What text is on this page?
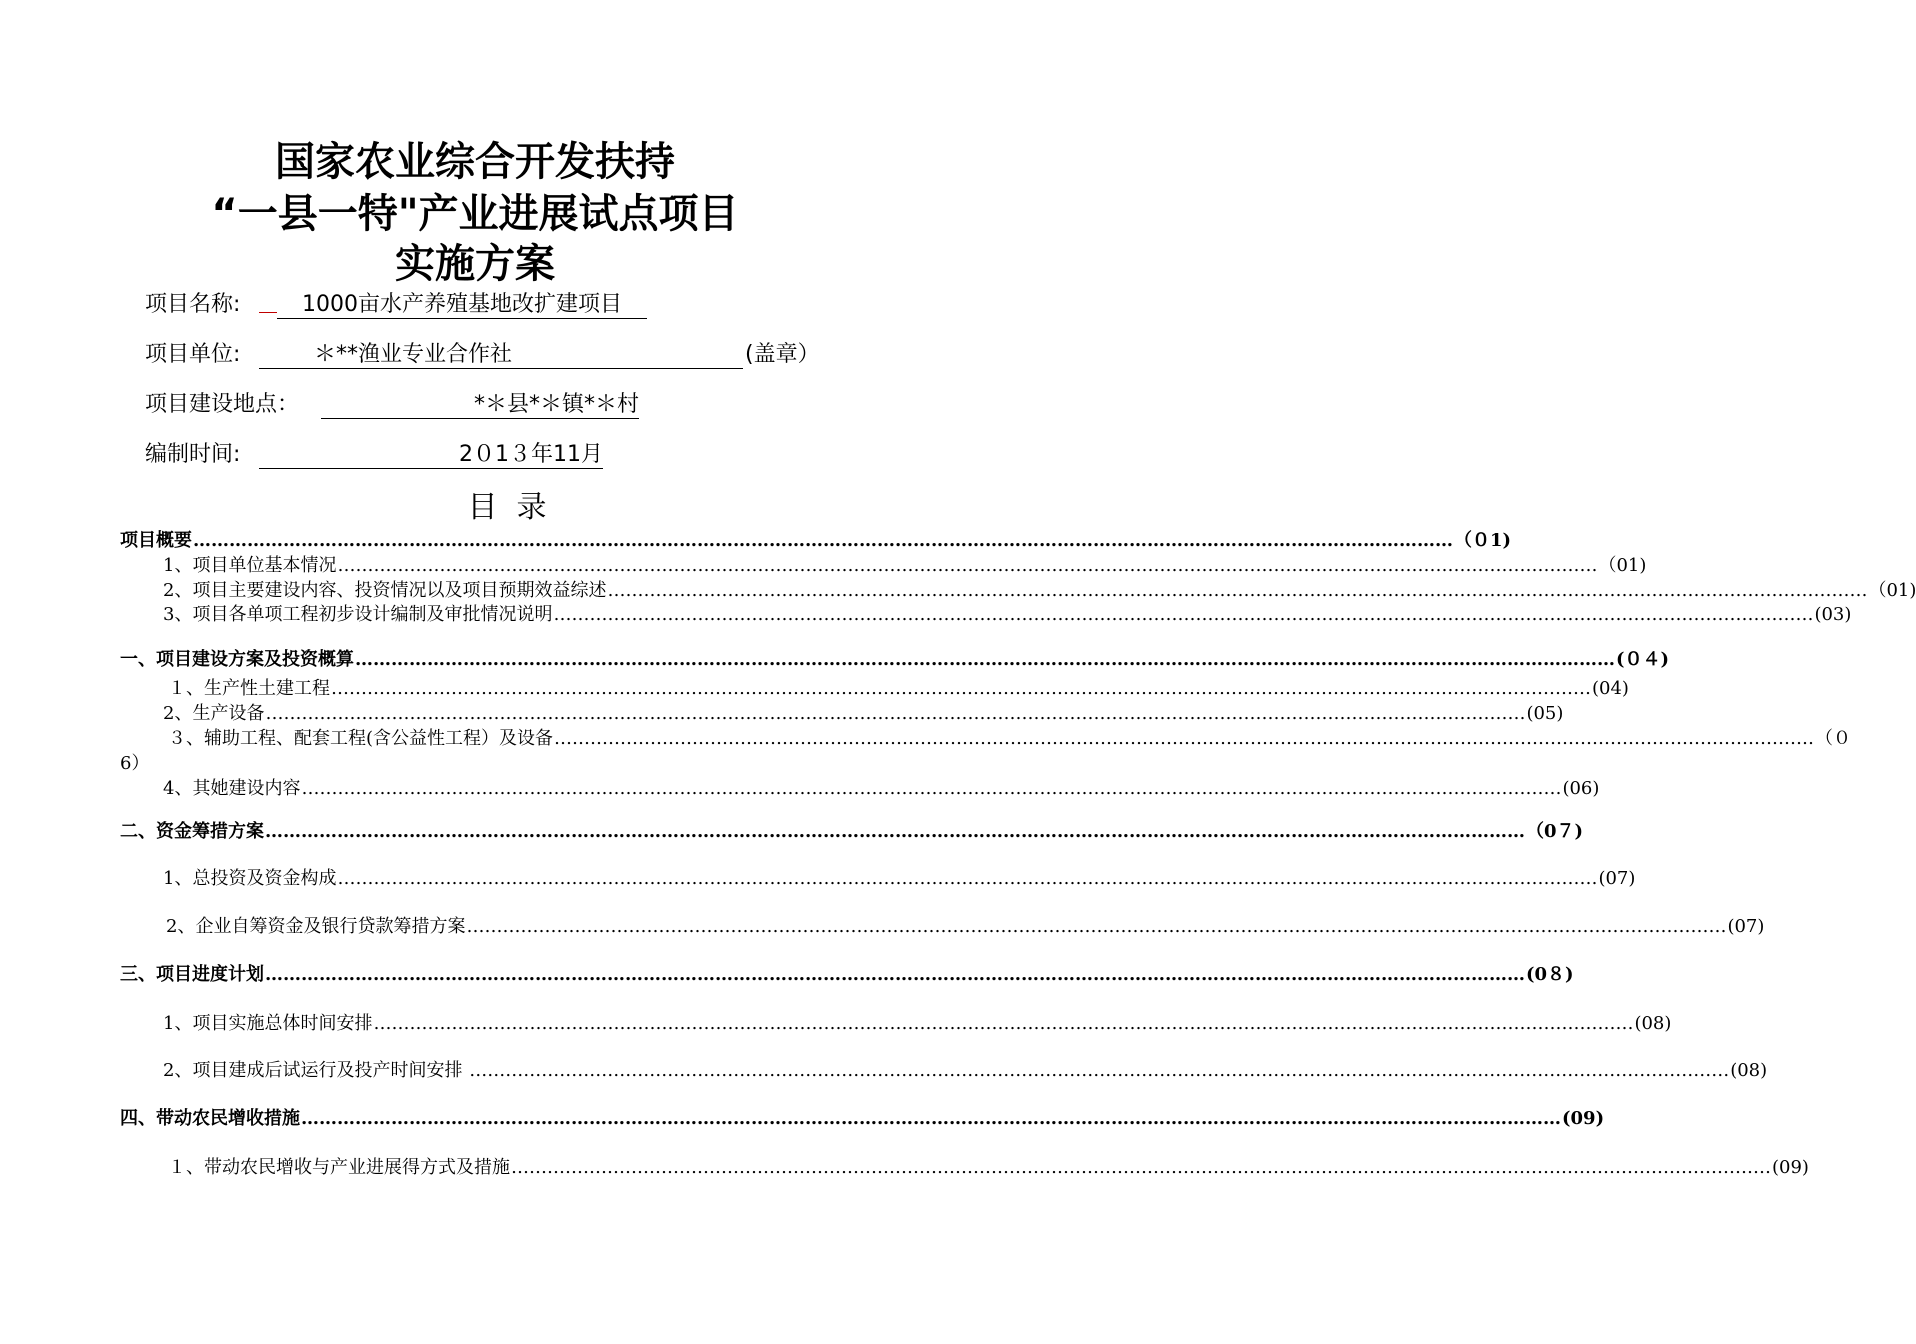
国家农业综合开发扶持
“一县一特"产业进展试点项目
实施方案

项目名称:

	1000亩水产养殖基地改扩建项目

项目单位:

	＊**渔业专业合作社

	(盖章）

项目建设地点：

	*＊县*＊镇*＊村

编制时间:

	2０1３年11月

目  录
项目概要 ………………………………………………………………………………………………………………………………………………………………………………………… （０1)
1、项目单位基本情况 ………………………………………………………………………………………………………………………………………………………………………………………… （01)
2、项目主要建设内容、投资情况以及项目预期效益综述 ………………………………………………………………………………………………………………………………………………………………………………………… （01)
3、项目各单项工程初步设计编制及审批情况说明 ………………………………………………………………………………………………………………………………………………………………………………………… (03)
一、项目建设方案及投资概算 ………………………………………………………………………………………………………………………………………………………………………………………… (０４)
１、生产性土建工程 ………………………………………………………………………………………………………………………………………………………………………………………… (04)
2、生产设备 ………………………………………………………………………………………………………………………………………………………………………………………… (05)
３、辅助工程、配套工程(含公益性工程）及设备 ………………………………………………………………………………………………………………………………………………………………………………………… （０
6）
4、其她建设内容 ………………………………………………………………………………………………………………………………………………………………………………………… (06)
二、资金筹措方案 ………………………………………………………………………………………………………………………………………………………………………………………… （0７)
1、总投资及资金构成 ………………………………………………………………………………………………………………………………………………………………………………………… (07)
2、企业自筹资金及银行贷款筹措方案 ………………………………………………………………………………………………………………………………………………………………………………………… (07)
三、项目进度计划 ………………………………………………………………………………………………………………………………………………………………………………………… (0８)
1、项目实施总体时间安排 ………………………………………………………………………………………………………………………………………………………………………………………… (08)
2、项目建成后试运行及投产时间安排 ………………………………………………………………………………………………………………………………………………………………………………………… (08)
四、带动农民增收措施 ………………………………………………………………………………………………………………………………………………………………………………………… (09)
１、带动农民增收与产业进展得方式及措施 ………………………………………………………………………………………………………………………………………………………………………………………… (09)
